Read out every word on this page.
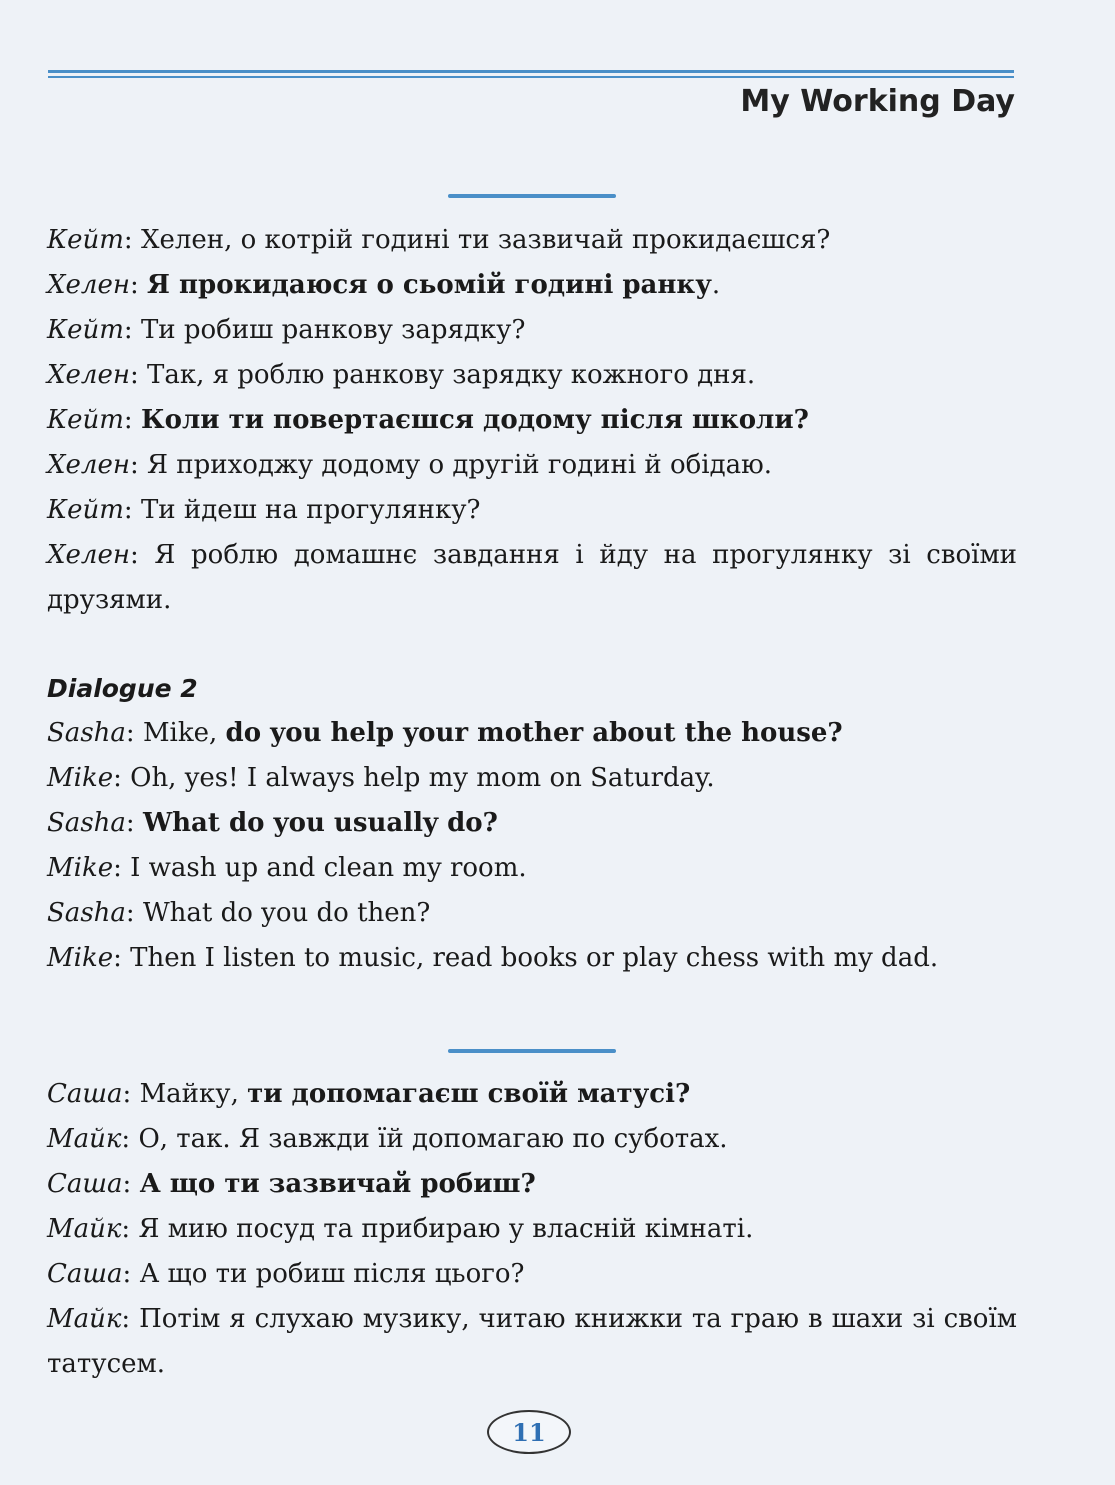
My Working Day
Кейт: Хелен, о котрій годині ти зазвичай прокидаєшся?
Хелен: Я прокидаюся о сьомій годині ранку.
Кейт: Ти робиш ранкову зарядку?
Хелен: Так, я роблю ранкову зарядку кожного дня.
Кейт: Коли ти повертаєшся додому після школи?
Хелен: Я приходжу додому о другій годині й обідаю.
Кейт: Ти йдеш на прогулянку?
Хелен: Я роблю домашнє завдання і йду на прогулянку зі своїми друзями.
Dialogue 2
Sasha: Mike, do you help your mother about the house?
Mike: Oh, yes! I always help my mom on Saturday.
Sasha: What do you usually do?
Mike: I wash up and clean my room.
Sasha: What do you do then?
Mike: Then I listen to music, read books or play chess with my dad.
Саша: Майку, ти допомагаєш своїй матусі?
Майк: О, так. Я завжди їй допомагаю по суботах.
Саша: А що ти зазвичай робиш?
Майк: Я мию посуд та прибираю у власній кімнаті.
Саша: А що ти робиш після цього?
Майк: Потім я слухаю музику, читаю книжки та граю в шахи зі своїм татусем.
11
